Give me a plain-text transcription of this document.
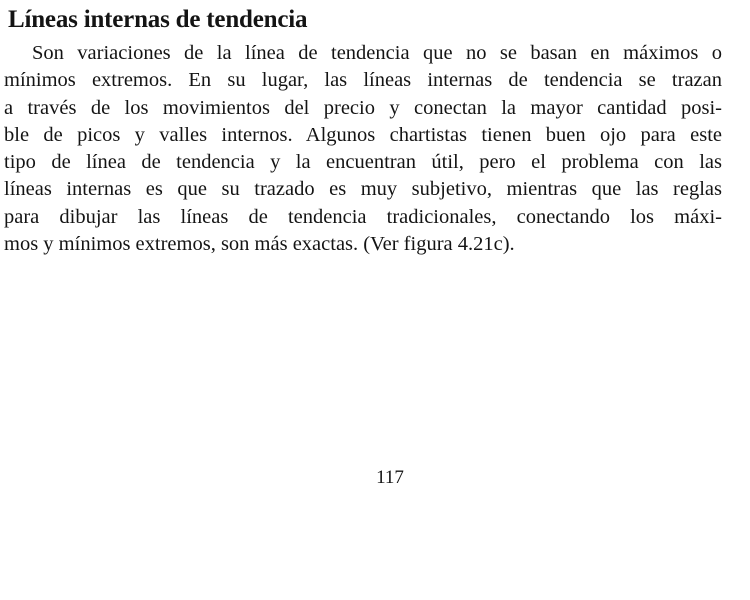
Líneas internas de tendencia
Son variaciones de la línea de tendencia que no se basan en máximos o
mínimos extremos. En su lugar, las líneas internas de tendencia se trazan
a través de los movimientos del precio y conectan la mayor cantidad posi-
ble de picos y valles internos. Algunos chartistas tienen buen ojo para este
tipo de línea de tendencia y la encuentran útil, pero el problema con las
líneas internas es que su trazado es muy subjetivo, mientras que las reglas
para dibujar las líneas de tendencia tradicionales, conectando los máxi-
mos y mínimos extremos, son más exactas. (Ver figura 4.21c).
117
